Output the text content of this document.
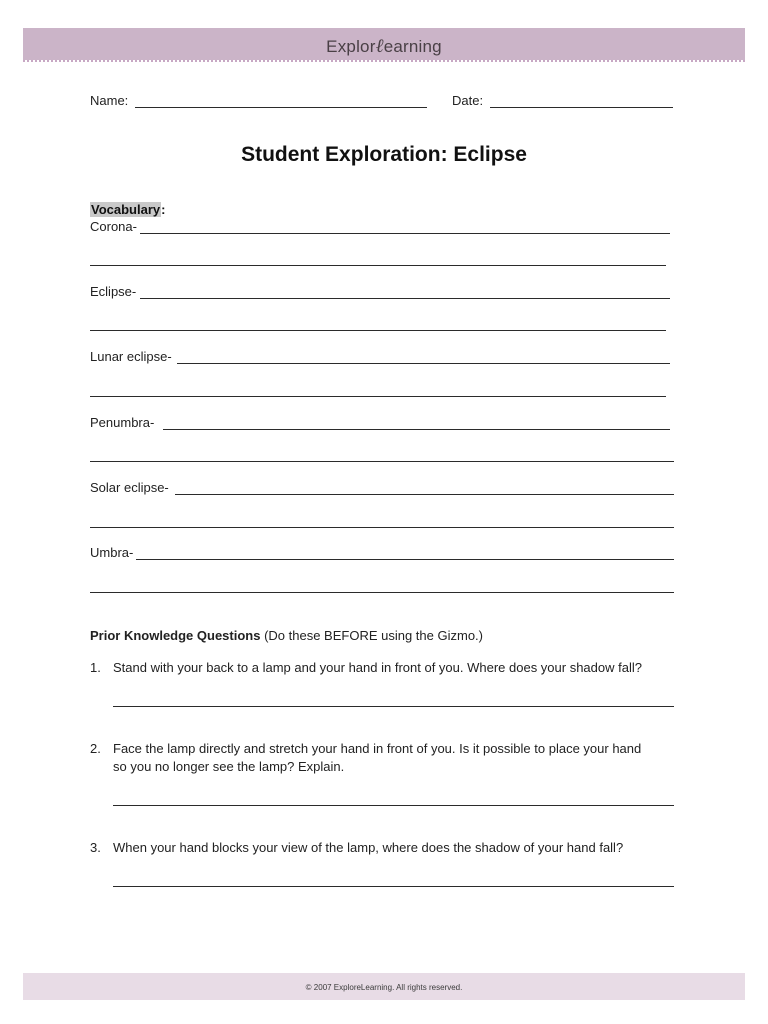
Explorℓearning
Name:	Date:
Student Exploration: Eclipse
Vocabulary:
Corona-
Eclipse-
Lunar eclipse-
Penumbra-
Solar eclipse-
Umbra-
Prior Knowledge Questions (Do these BEFORE using the Gizmo.)
1. Stand with your back to a lamp and your hand in front of you. Where does your shadow fall?
2. Face the lamp directly and stretch your hand in front of you. Is it possible to place your hand
so you no longer see the lamp? Explain.
3. When your hand blocks your view of the lamp, where does the shadow of your hand fall?
© 2007 ExploreLearning. All rights reserved.
